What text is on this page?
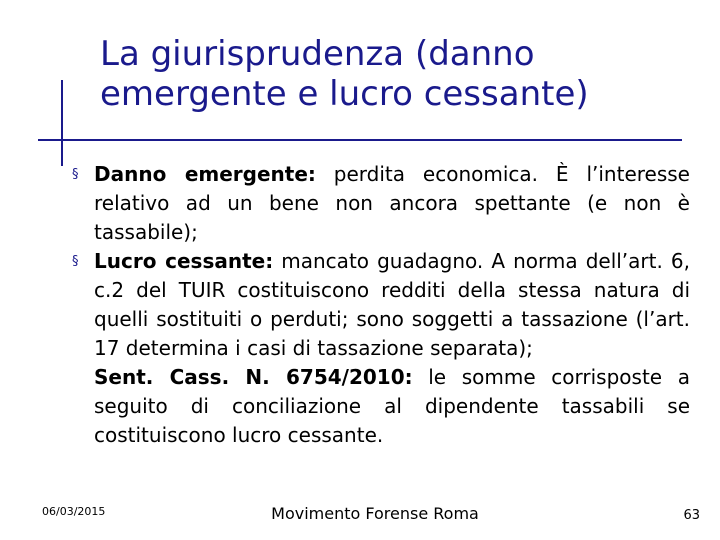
La giurisprudenza (danno
emergente e lucro cessante)
§ Danno emergente: perdita economica. È l’interesse relativo ad un bene non ancora spettante (e non è tassabile);
§ Lucro cessante: mancato guadagno. A norma dell’art. 6, c.2 del TUIR costituiscono redditi della stessa natura di quelli sostituiti o perduti; sono soggetti a tassazione (l’art. 17 determina i casi di tassazione separata);
Sent. Cass. N. 6754/2010: le somme corrisposte a seguito di conciliazione al dipendente tassabili se costituiscono lucro cessante.
06/03/2015	Movimento Forense Roma	63
